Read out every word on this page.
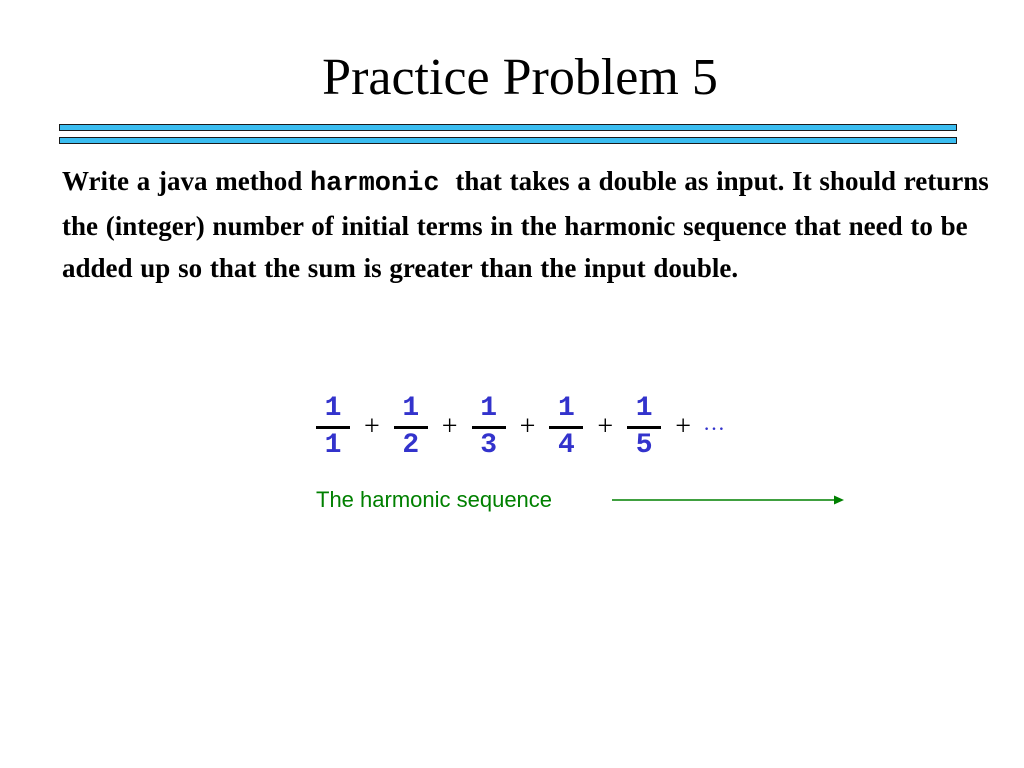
Practice Problem 5
Write a java method harmonic that takes a double as input. It should returns the (integer) number of initial terms in the harmonic sequence that need to be added up so that the sum is greater than the input double.
$\frac{1}{1} + \frac{1}{2} + \frac{1}{3} + \frac{1}{4} + \frac{1}{5}$ + …
The harmonic sequence
